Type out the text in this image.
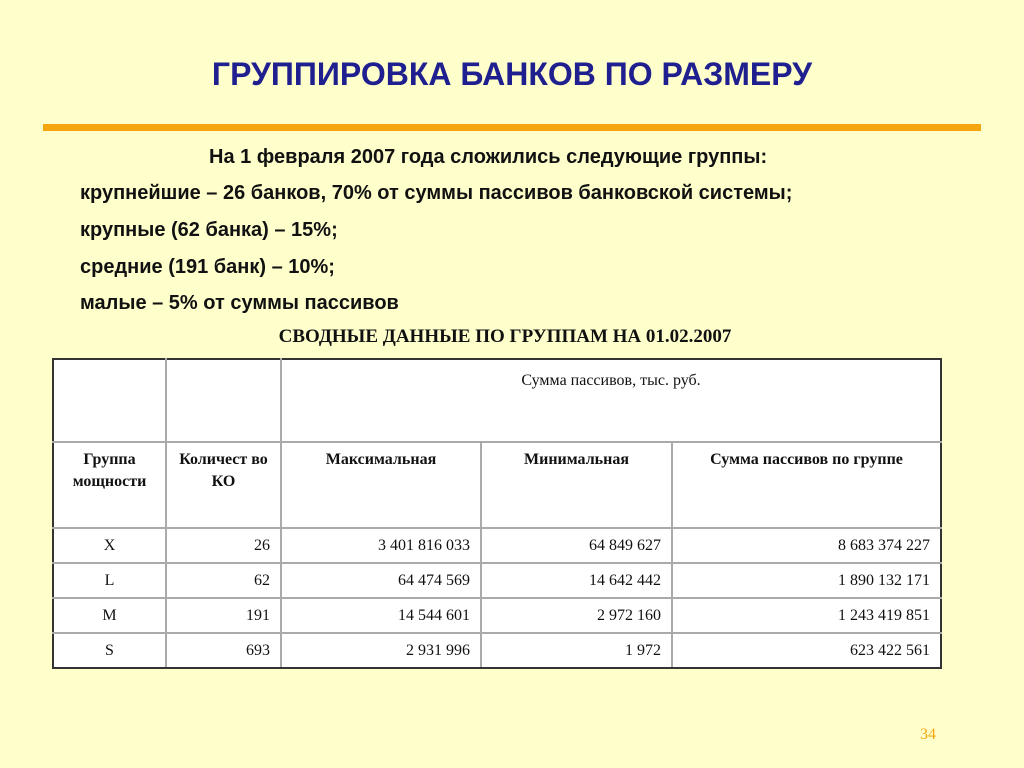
ГРУППИРОВКА БАНКОВ ПО РАЗМЕРУ
На 1 февраля 2007 года сложились следующие группы:
крупнейшие – 26 банков, 70% от суммы пассивов банковской системы;
крупные (62 банка) – 15%;
средние (191 банк) – 10%;
малые – 5% от суммы пассивов
СВОДНЫЕ ДАННЫЕ ПО ГРУППАМ НА 01.02.2007
		Сумма пассивов, тыс. руб.		
Группа мощности	Количест во КО	Максимальная	Минимальная	Сумма пассивов по группе
X	26	3 401 816 033	64 849 627	8 683 374 227
L	62	64 474 569	14 642 442	1 890 132 171
M	191	14 544 601	2 972 160	1 243 419 851
S	693	2 931 996	1 972	623 422 561
34
